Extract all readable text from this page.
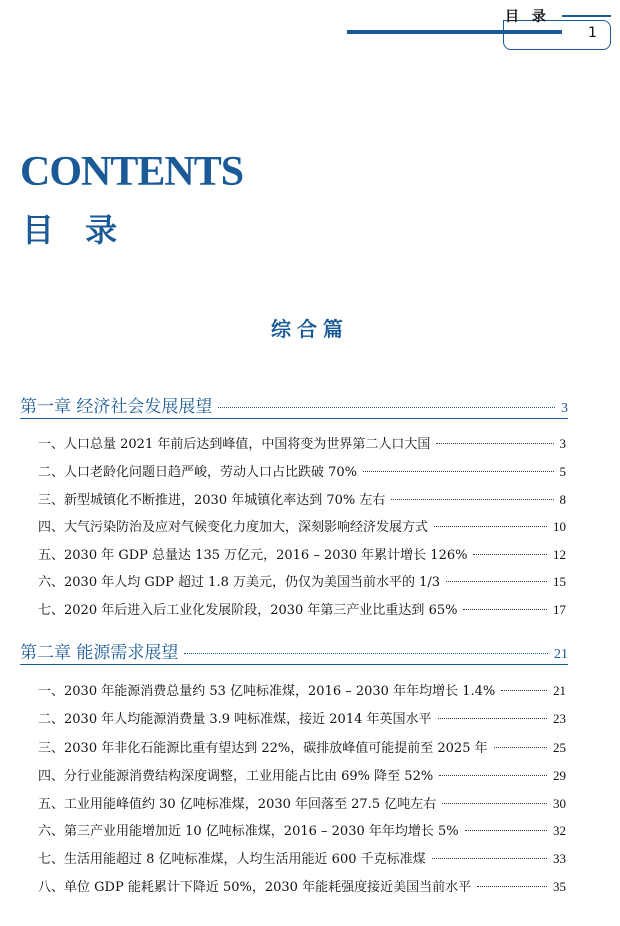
目 录
1
CONTENTS
目 录
综合篇
第一章 经济社会发展展望	3
一、人口总量 2021 年前后达到峰值，中国将变为世界第二人口大国	3
二、人口老龄化问题日趋严峻，劳动人口占比跌破 70%	5
三、新型城镇化不断推进，2030 年城镇化率达到 70% 左右	8
四、大气污染防治及应对气候变化力度加大，深刻影响经济发展方式	10
五、2030 年 GDP 总量达 135 万亿元，2016 – 2030 年累计增长 126%	12
六、2030 年人均 GDP 超过 1.8 万美元，仍仅为美国当前水平的 1/3	15
七、2020 年后进入后工业化发展阶段，2030 年第三产业比重达到 65%	17
第二章 能源需求展望	21
一、2030 年能源消费总量约 53 亿吨标准煤，2016 – 2030 年年均增长 1.4%	21
二、2030 年人均能源消费量 3.9 吨标准煤，接近 2014 年英国水平	23
三、2030 年非化石能源比重有望达到 22%，碳排放峰值可能提前至 2025 年	25
四、分行业能源消费结构深度调整，工业用能占比由 69% 降至 52%	29
五、工业用能峰值约 30 亿吨标准煤，2030 年回落至 27.5 亿吨左右	30
六、第三产业用能增加近 10 亿吨标准煤，2016 – 2030 年年均增长 5%	32
七、生活用能超过 8 亿吨标准煤，人均生活用能近 600 千克标准煤	33
八、单位 GDP 能耗累计下降近 50%，2030 年能耗强度接近美国当前水平	35
